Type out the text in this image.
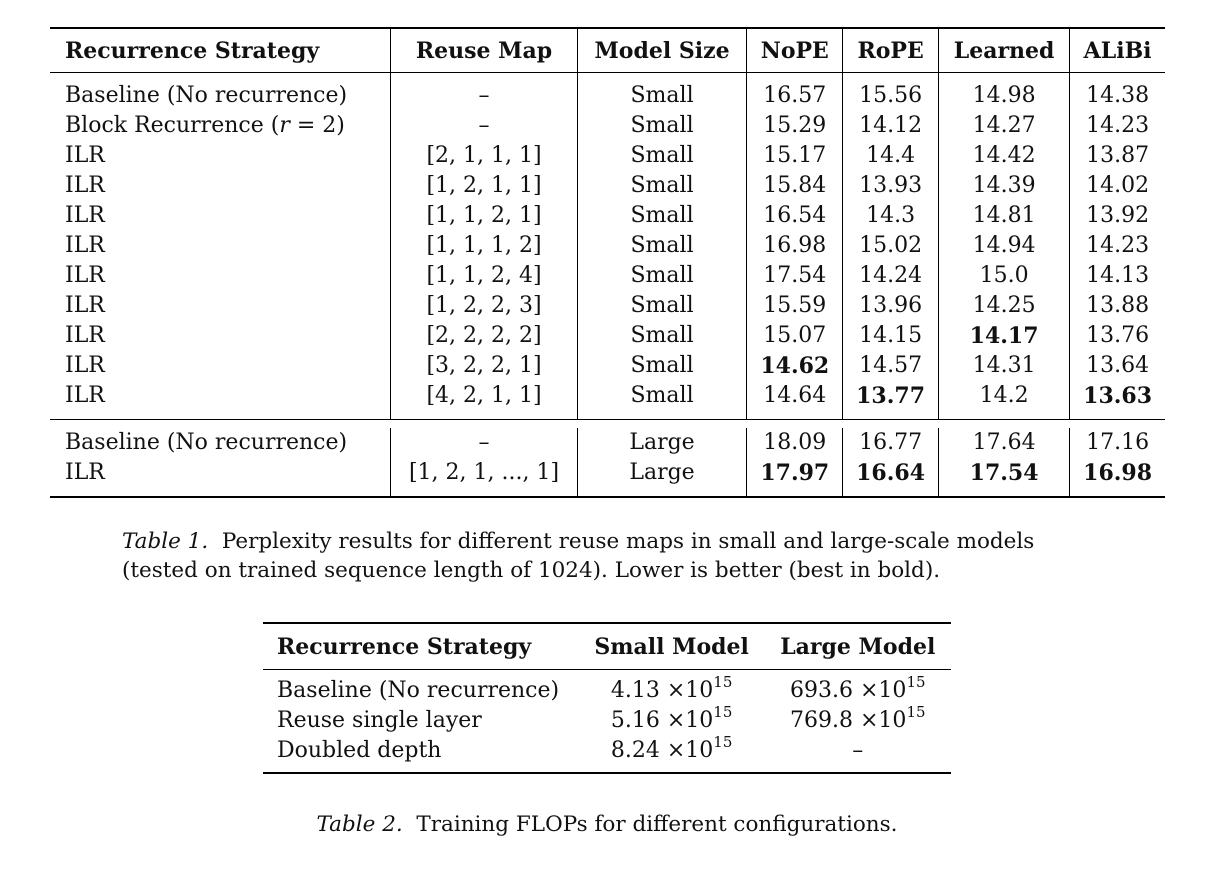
Recurrence Strategy	Reuse Map	Model Size	NoPE	RoPE	Learned	ALiBi

Baseline (No recurrence)	–	Small	16.57	15.56	14.98	14.38
Block Recurrence (r = 2)	–	Small	15.29	14.12	14.27	14.23
ILR	[2, 1, 1, 1]	Small	15.17	14.4	14.42	13.87
ILR	[1, 2, 1, 1]	Small	15.84	13.93	14.39	14.02
ILR	[1, 1, 2, 1]	Small	16.54	14.3	14.81	13.92
ILR	[1, 1, 1, 2]	Small	16.98	15.02	14.94	14.23
ILR	[1, 1, 2, 4]	Small	17.54	14.24	15.0	14.13
ILR	[1, 2, 2, 3]	Small	15.59	13.96	14.25	13.88
ILR	[2, 2, 2, 2]	Small	15.07	14.15	14.17	13.76
ILR	[3, 2, 2, 1]	Small	14.62	14.57	14.31	13.64
ILR	[4, 2, 1, 1]	Small	14.64	13.77	14.2	13.63

Baseline (No recurrence)	–	Large	18.09	16.77	17.64	17.16
ILR	[1, 2, 1, ..., 1]	Large	17.97	16.64	17.54	16.98

Table 1. Perplexity results for different reuse maps in small and large-scale models (tested on trained sequence length of 1024). Lower is better (best in bold).
Recurrence Strategy	Small Model	Large Model

Baseline (No recurrence)	$4.13 \times 10^{15}$	$693.6 \times 10^{15}$
Reuse single layer	$5.16 \times 10^{15}$	$769.8 \times 10^{15}$
Doubled depth	$8.24 \times 10^{15}$	–

Table 2. Training FLOPs for different configurations.
